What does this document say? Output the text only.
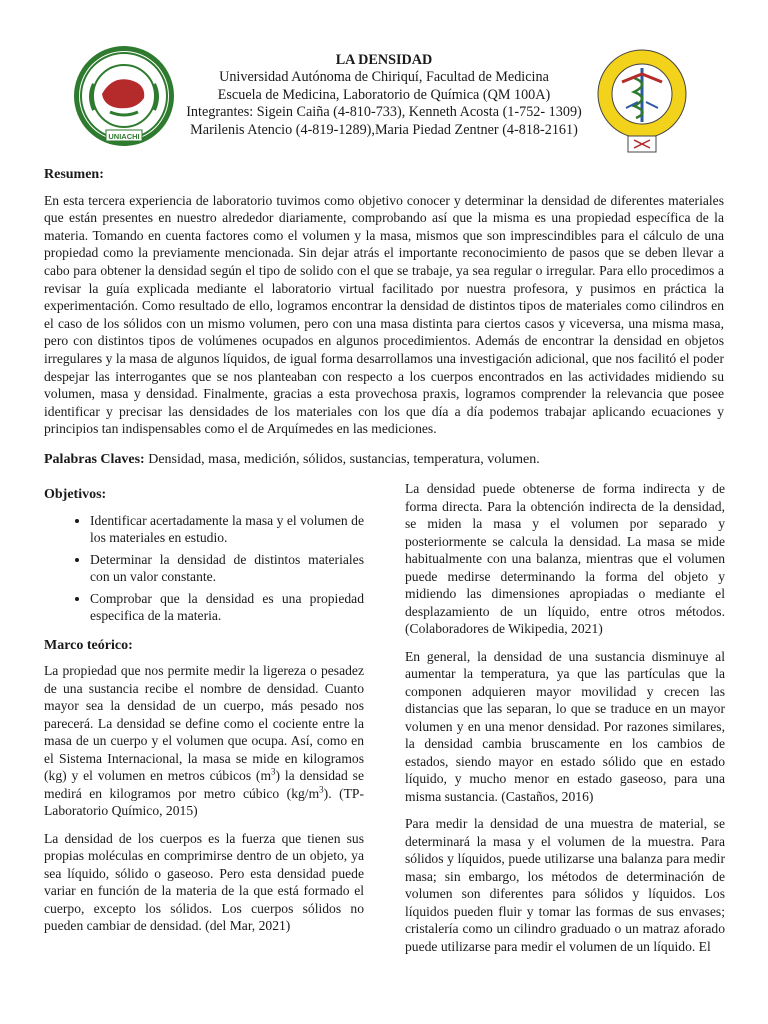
UNIACHI
LA DENSIDAD
Universidad Autónoma de Chiriquí, Facultad de Medicina
Escuela de Medicina, Laboratorio de Química (QM 100A)
Integrantes: Sigein Caiña (4-810-733), Kenneth Acosta (1-752- 1309)
Marilenis Atencio (4-819-1289),Maria Piedad Zentner (4-818-2161)
Resumen:

En esta tercera experiencia de laboratorio tuvimos como objetivo conocer y determinar la densidad de diferentes materiales que están presentes en nuestro alrededor diariamente, comprobando así que la misma es una propiedad específica de la materia. Tomando en cuenta factores como el volumen y la masa, mismos que son imprescindibles para el cálculo de una propiedad como la previamente mencionada. Sin dejar atrás el importante reconocimiento de pasos que se deben llevar a cabo para obtener la densidad según el tipo de solido con el que se trabaje, ya sea regular o irregular. Para ello procedimos a revisar la guía explicada mediante el laboratorio virtual facilitado por nuestra profesora, y pusimos en práctica la experimentación. Como resultado de ello, logramos encontrar la densidad de distintos tipos de materiales como cilindros en el caso de los sólidos con un mismo volumen, pero con una masa distinta para ciertos casos y viceversa, una misma masa, pero con distintos tipos de volúmenes ocupados en algunos procedimientos. Además de encontrar la densidad en objetos irregulares y la masa de algunos líquidos, de igual forma desarrollamos una investigación adicional, que nos facilitó el poder despejar las interrogantes que se nos planteaban con respecto a los cuerpos encontrados en las actividades midiendo su volumen, masa y densidad. Finalmente, gracias a esta provechosa praxis, logramos comprender la relevancia que posee identificar y precisar las densidades de los materiales con los que día a día podemos trabajar aplicando ecuaciones y principios tan indispensables como el de Arquímedes en las mediciones.

Palabras Claves: Densidad, masa, medición, sólidos, sustancias, temperatura, volumen.
Objetivos:
• Identificar acertadamente la masa y el volumen de los materiales en estudio.
• Determinar la densidad de distintos materiales con un valor constante.
• Comprobar que la densidad es una propiedad especifica de la materia.
Marco teórico:

La propiedad que nos permite medir la ligereza o pesadez de una sustancia recibe el nombre de densidad. Cuanto mayor sea la densidad de un cuerpo, más pesado nos parecerá. La densidad se define como el cociente entre la masa de un cuerpo y el volumen que ocupa. Así, como en el Sistema Internacional, la masa se mide en kilogramos (kg) y el volumen en metros cúbicos $(m^3)$ la densidad se medirá en kilogramos por metro cúbico $(kg/m^3)$. (TP- Laboratorio Químico, 2015)

La densidad de los cuerpos es la fuerza que tienen sus propias moléculas en comprimirse dentro de un objeto, ya sea líquido, sólido o gaseoso. Pero esta densidad puede variar en función de la materia de la que está formado el cuerpo, excepto los sólidos. Los cuerpos sólidos no pueden cambiar de densidad. (del Mar, 2021)

La densidad puede obtenerse de forma indirecta y de forma directa. Para la obtención indirecta de la densidad, se miden la masa y el volumen por separado y posteriormente se calcula la densidad. La masa se mide habitualmente con una balanza, mientras que el volumen puede medirse determinando la forma del objeto y midiendo las dimensiones apropiadas o mediante el desplazamiento de un líquido, entre otros métodos. (Colaboradores de Wikipedia, 2021)

En general, la densidad de una sustancia disminuye al aumentar la temperatura, ya que las partículas que la componen adquieren mayor movilidad y crecen las distancias que las separan, lo que se traduce en un mayor volumen y en una menor densidad. Por razones similares, la densidad cambia bruscamente en los cambios de estados, siendo mayor en estado sólido que en estado líquido, y mucho menor en estado gaseoso, para una misma sustancia. (Castaños, 2016)

Para medir la densidad de una muestra de material, se determinará la masa y el volumen de la muestra. Para sólidos y líquidos, puede utilizarse una balanza para medir masa; sin embargo, los métodos de determinación de volumen son diferentes para sólidos y líquidos. Los líquidos pueden fluir y tomar las formas de sus envases; cristalería como un cilindro graduado o un matraz aforado puede utilizarse para medir el volumen de un líquido. El
